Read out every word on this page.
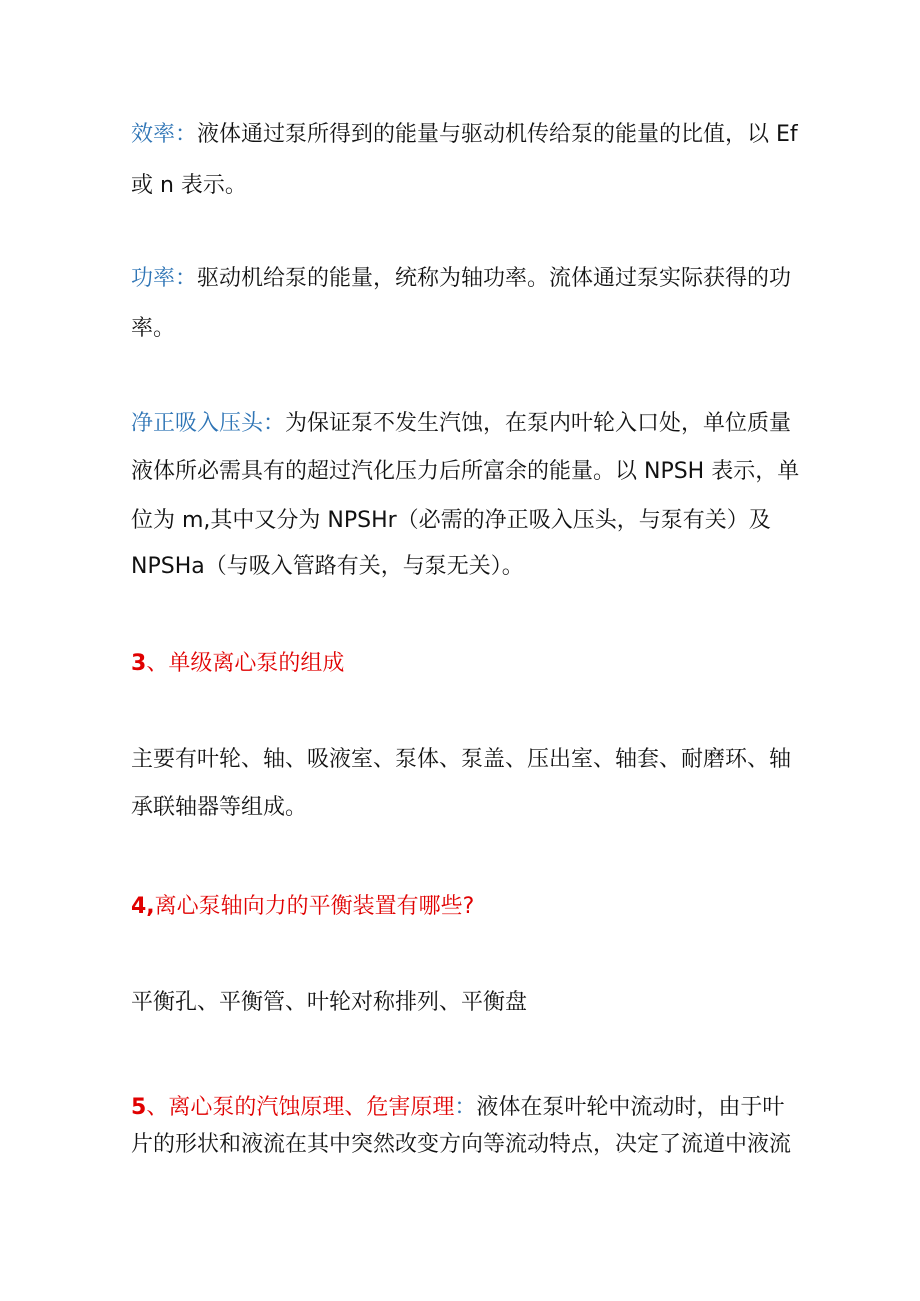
效率：液体通过泵所得到的能量与驱动机传给泵的能量的比值，以 Ef
或 n 表示。
功率：驱动机给泵的能量，统称为轴功率。流体通过泵实际获得的功
率。
净正吸入压头：为保证泵不发生汽蚀，在泵内叶轮入口处，单位质量
液体所必需具有的超过汽化压力后所富余的能量。以 NPSH 表示，单
位为 m,其中又分为 NPSHr（必需的净正吸入压头，与泵有关）及
NPSHa（与吸入管路有关，与泵无关）。
3、单级离心泵的组成
主要有叶轮、轴、吸液室、泵体、泵盖、压出室、轴套、耐磨环、轴
承联轴器等组成。
4,离心泵轴向力的平衡装置有哪些?
平衡孔、平衡管、叶轮对称排列、平衡盘
5、离心泵的汽蚀原理、危害原理：液体在泵叶轮中流动时，由于叶
片的形状和液流在其中突然改变方向等流动特点，决定了流道中液流
